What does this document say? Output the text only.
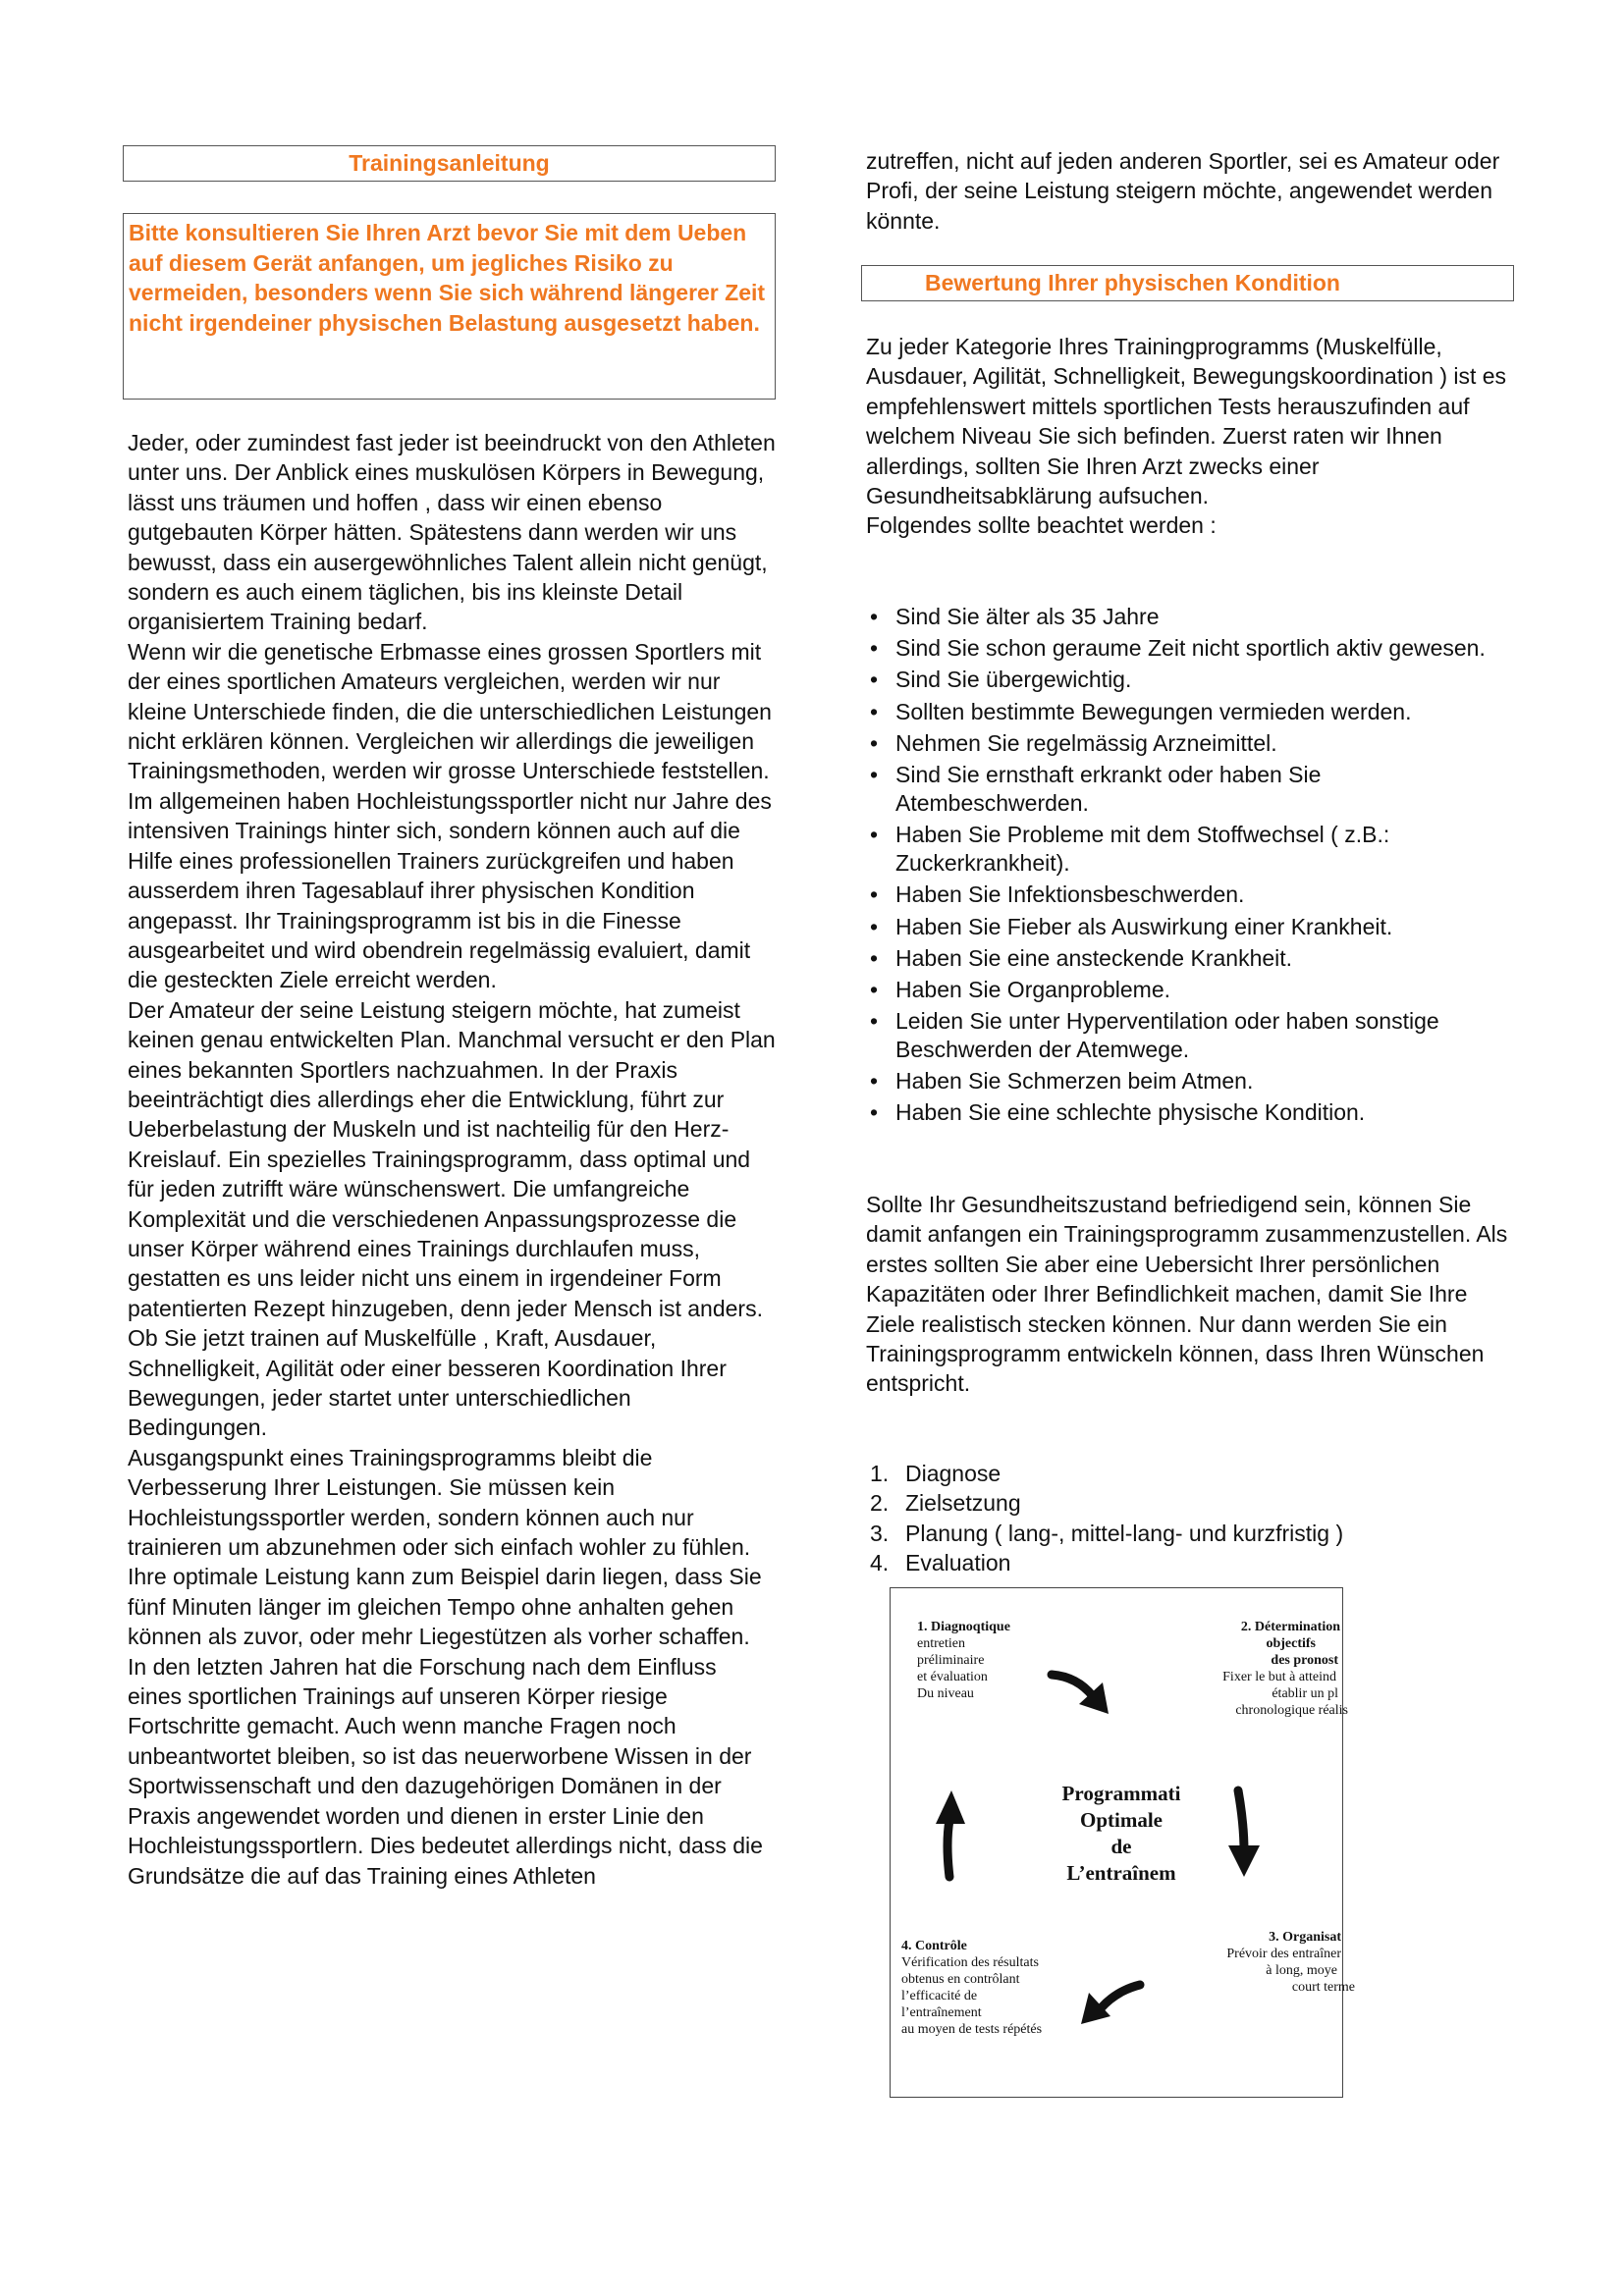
Trainingsanleitung
Bitte konsultieren Sie Ihren Arzt bevor Sie mit dem Ueben auf diesem Gerät anfangen, um jegliches Risiko zu vermeiden, besonders wenn Sie sich während längerer Zeit nicht irgendeiner physischen Belastung ausgesetzt haben.

Jeder, oder zumindest fast jeder ist beeindruckt von den Athleten unter uns. Der Anblick eines muskulösen Körpers in Bewegung, lässt uns träumen und hoffen , dass wir einen ebenso gutgebauten Körper hätten. Spätestens dann werden wir uns bewusst, dass ein ausergewöhnliches Talent allein nicht genügt, sondern es auch einem täglichen, bis ins kleinste Detail organisiertem Training bedarf.

Wenn wir die genetische Erbmasse eines grossen Sportlers mit der eines sportlichen Amateurs vergleichen, werden wir nur kleine Unterschiede finden, die die unterschiedlichen Leistungen nicht erklären können. Vergleichen wir allerdings die jeweiligen Trainingsmethoden, werden wir grosse Unterschiede feststellen. Im allgemeinen haben Hochleistungssportler nicht nur Jahre des intensiven Trainings hinter sich, sondern können auch auf die Hilfe eines professionellen Trainers zurückgreifen und haben ausserdem ihren Tagesablauf ihrer physischen Kondition angepasst. Ihr Trainingsprogramm ist bis in die Finesse ausgearbeitet und wird obendrein regelmässig evaluiert, damit die gesteckten Ziele erreicht werden.

Der Amateur der seine Leistung steigern möchte, hat zumeist keinen genau entwickelten Plan. Manchmal versucht er den Plan eines bekannten Sportlers nachzuahmen. In der Praxis beeinträchtigt dies allerdings eher die Entwicklung, führt zur Ueberbelastung der Muskeln und ist nachteilig für den Herz-Kreislauf. Ein spezielles Trainingsprogramm, dass optimal und für jeden zutrifft wäre wünschenswert. Die umfangreiche Komplexität und die verschiedenen Anpassungsprozesse die unser Körper während eines Trainings durchlaufen muss, gestatten es uns leider nicht uns einem in irgendeiner Form patentierten Rezept hinzugeben, denn jeder Mensch ist anders. Ob Sie jetzt trainen auf Muskelfülle , Kraft, Ausdauer, Schnelligkeit, Agilität oder einer besseren Koordination Ihrer Bewegungen, jeder startet unter unterschiedlichen Bedingungen.

Ausgangspunkt eines Trainingsprogramms bleibt die Verbesserung Ihrer Leistungen. Sie müssen kein Hochleistungssportler werden, sondern können auch nur trainieren um abzunehmen oder sich einfach wohler zu fühlen. Ihre optimale Leistung kann zum Beispiel darin liegen, dass Sie fünf Minuten länger im gleichen Tempo ohne anhalten gehen können als zuvor, oder mehr Liegestützen als vorher schaffen.

In den letzten Jahren hat die Forschung nach dem Einfluss eines sportlichen Trainings auf unseren Körper riesige Fortschritte gemacht. Auch wenn manche Fragen noch unbeantwortet bleiben, so ist das neuerworbene Wissen in der Sportwissenschaft und den dazugehörigen Domänen in der Praxis angewendet worden und dienen in erster Linie den Hochleistungssportlern. Dies bedeutet allerdings nicht, dass die Grundsätze die auf das Training eines Athleten

zutreffen, nicht auf jeden anderen Sportler, sei es Amateur oder Profi, der seine Leistung steigern möchte, angewendet werden könnte.

Bewertung Ihrer physischen Kondition

Zu jeder Kategorie Ihres Trainingprogramms (Muskelfülle, Ausdauer, Agilität, Schnelligkeit, Bewegungskoordination ) ist es empfehlenswert mittels sportlichen Tests herauszufinden auf welchem Niveau Sie sich befinden. Zuerst raten wir Ihnen allerdings, sollten Sie Ihren Arzt zwecks einer Gesundheitsabklärung aufsuchen.

Folgendes sollte beachtet werden :

• Sind Sie älter als 35 Jahre
• Sind Sie schon geraume Zeit nicht sportlich aktiv gewesen.
• Sind Sie übergewichtig.
• Sollten bestimmte Bewegungen vermieden werden.
• Nehmen Sie regelmässig Arzneimittel.
• Sind Sie ernsthaft erkrankt oder haben Sie Atembeschwerden.
• Haben Sie Probleme mit dem Stoffwechsel ( z.B.: Zuckerkrankheit).
• Haben Sie Infektionsbeschwerden.
• Haben Sie Fieber als Auswirkung einer Krankheit.
• Haben Sie eine ansteckende Krankheit.
• Haben Sie Organprobleme.
• Leiden Sie unter Hyperventilation oder haben sonstige Beschwerden der Atemwege.
• Haben Sie Schmerzen beim Atmen.
• Haben Sie eine schlechte physische Kondition.

Sollte Ihr Gesundheitszustand befriedigend sein, können Sie damit anfangen ein Trainingsprogramm zusammenzustellen. Als erstes sollten Sie aber eine Uebersicht Ihrer persönlichen Kapazitäten oder Ihrer Befindlichkeit machen, damit Sie Ihre Ziele realistisch stecken können. Nur dann werden Sie ein Trainingsprogramm entwickeln können, dass Ihren Wünschen entspricht.

1. Diagnose
2. Zielsetzung
3. Planung ( lang-, mittel-lang- und kurzfristig )
4. Evaluation
1. Diagnoqtique
entretien
préliminaire
et évaluation
Du niveau
2. Détermination
objectifs
des pronost
Fixer le but à atteind
établir un pl
chronologique réalis
Programmati
Optimale
de
L’entraînem
3. Organisat
Prévoir des entraîner
à long, moye
court terme
4. Contrôle
Vérification des résultats
obtenus en contrôlant
l’efficacité de
l’entraînement
au moyen de tests répétés
